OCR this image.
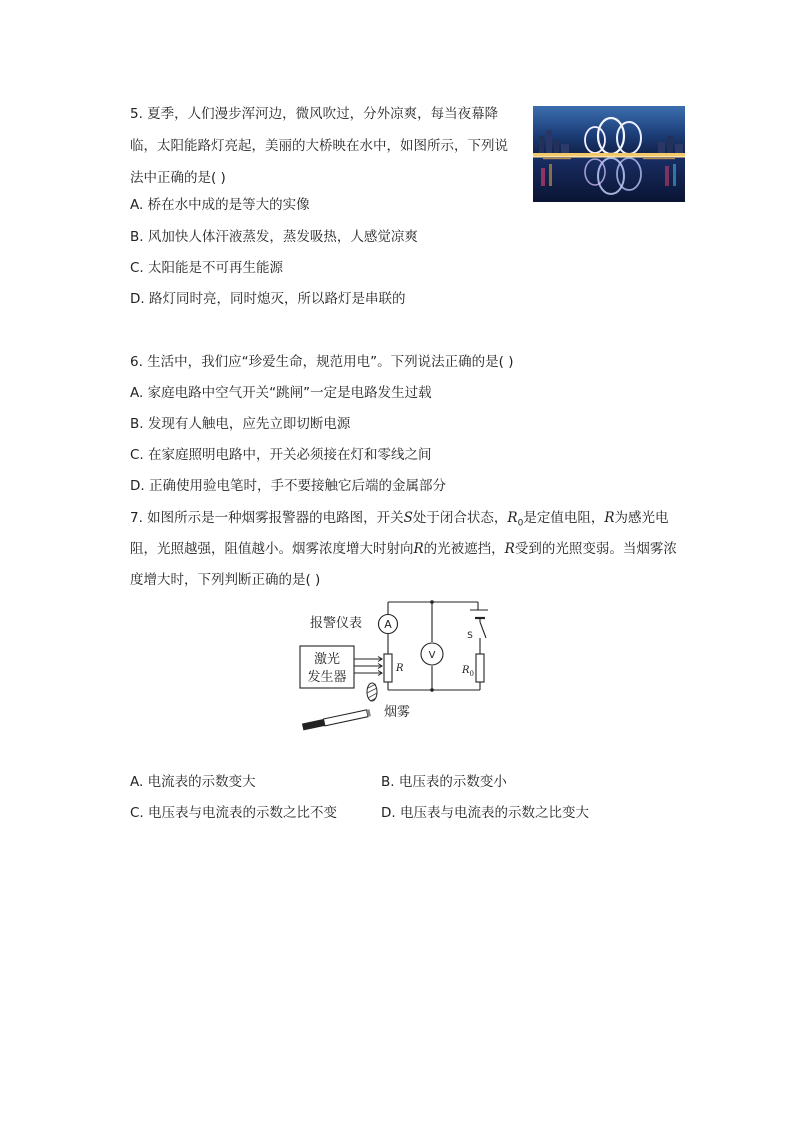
5. 夏季，人们漫步浑河边，微风吹过，分外凉爽，每当夜幕降临，太阳能路灯亮起，美丽的大桥映在水中，如图所示，下列说法中正确的是( )
A. 桥在水中成的是等大的实像
B. 风加快人体汗液蒸发，蒸发吸热，人感觉凉爽
C. 太阳能是不可再生能源
D. 路灯同时亮，同时熄灭，所以路灯是串联的
6. 生活中，我们应“珍爱生命，规范用电”。下列说法正确的是( )
A. 家庭电路中空气开关“跳闸”一定是电路发生过载
B. 发现有人触电，应先立即切断电源
C. 在家庭照明电路中，开关必须接在灯和零线之间
D. 正确使用验电笔时，手不要接触它后端的金属部分
7. 如图所示是一种烟雾报警器的电路图，开关S处于闭合状态，$R_0$是定值电阻，R为感光电
阻，光照越强，阻值越小。烟雾浓度增大时射向R的光被遮挡，R受到的光照变弱。当烟雾浓
度增大时，下列判断正确的是( )
A
V
S
$R_0$
R
激光
发生器
报警仪表
烟雾
A. 电流表的示数变大	B. 电压表的示数变小
C. 电压表与电流表的示数之比不变	D. 电压表与电流表的示数之比变大
